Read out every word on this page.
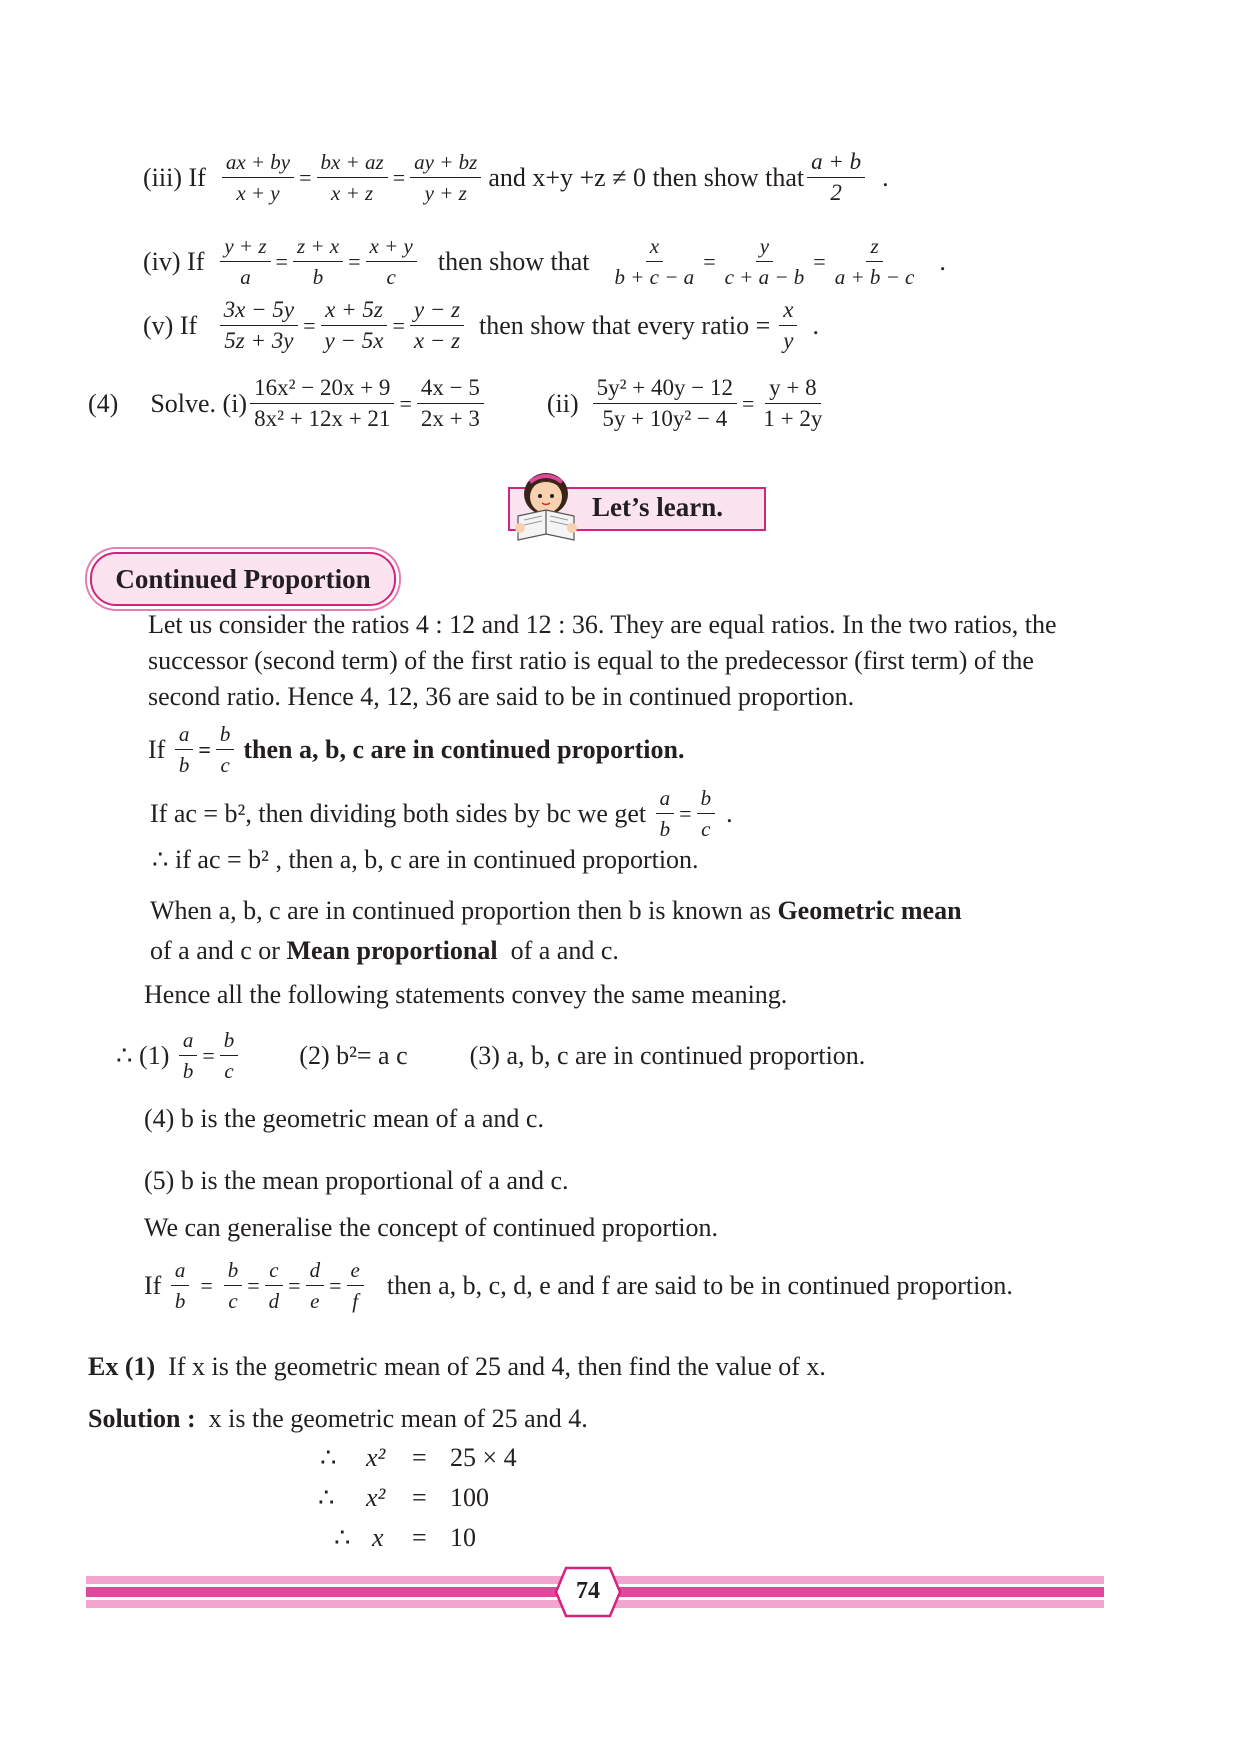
(iii) If
$\frac{ax + by}{x + y} = \frac{bx + az}{x + z} = \frac{ay + bz}{y + z}$ and x+y +z ≠ 0 then show that $\frac{a + b}{2}$ .
(iv) If
$\frac{y + z}{a} = \frac{z + x}{b} = \frac{x + y}{c}$ then show that $\frac{x}{b + c - a} = \frac{y}{c + a - b} = \frac{z}{a + b - c}$ .
(v) If
$\frac{3x - 5y}{5z + 3y} = \frac{x + 5z}{y - 5x} = \frac{y - z}{x - z}$ then show that every ratio = $\frac{x}{y}$ .
(4) Solve. $(i) \frac{\text{16x² − 20x + 9}}{\text{8x² + 12x + 21}} = \frac{4x - 5}{2x + 3} (ii) \frac{\text{5y² + 40y − 12}}{\text{5y + 10y² − 4}} = \frac{y + 8}{1 + 2y}$
Let’s learn.
Continued Proportion
Let us consider the ratios 4 : 12 and 12 : 36. They are equal ratios. In the two ratios, the
successor (second term) of the first ratio is equal to the predecessor (first term) of the
second ratio. Hence 4, 12, 36 are said to be in continued proportion.
If
$\frac{a}{b} = \frac{b}{c}$ then a, b, c are in continued proportion.
If ac = b², then dividing both sides by bc we get
$\frac{a}{b} = \frac{b}{c}$ .
∴ if ac = b² , then a, b, c are in continued proportion.
When a, b, c are in continued proportion then b is known as Geometric mean
of a and c or Mean proportional of a and c.
Hence all the following statements convey the same meaning.
∴ (1)
$\frac{a}{b} = \frac{b}{c} (2)$ b²= a c (3) a, b, c are in continued proportion.
(4) b is the geometric mean of a and c.
(5) b is the mean proportional of a and c.
We can generalise the concept of continued proportion.
If
$\frac{a}{b} = \frac{b}{c} = \frac{c}{d} = \frac{d}{e} = \frac{e}{f}$ then a, b, c, d, e and f are said to be in continued proportion.
Ex (1) If x is the geometric mean of 25 and 4, then find the value of x.
Solution : x is the geometric mean of 25 and 4.
∴ x² = 25 × 4
∴ x² = 100
∴ x = 10
74
